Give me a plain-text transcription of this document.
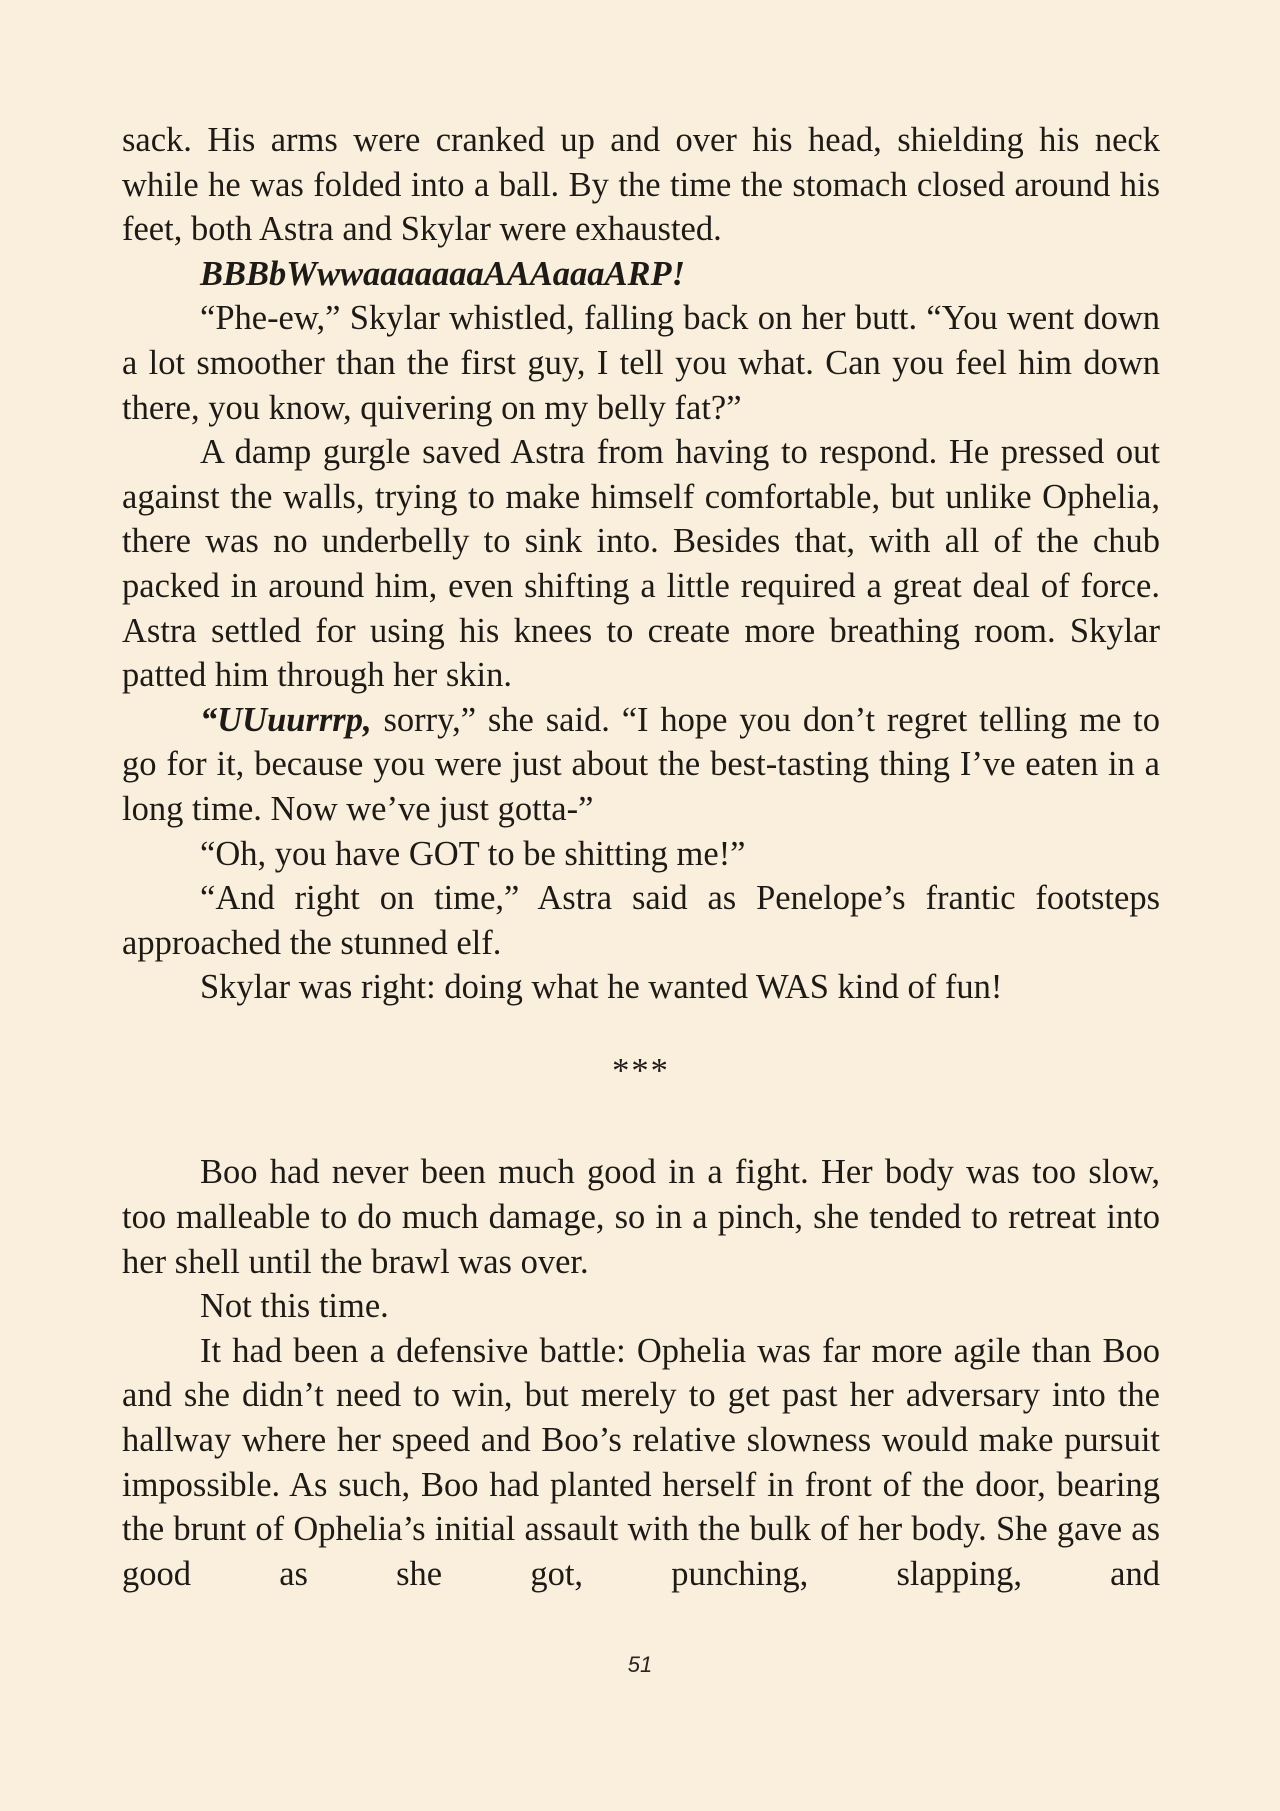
sack. His arms were cranked up and over his head, shielding his neck while he was folded into a ball. By the time the stomach closed around his feet, both Astra and Skylar were exhausted.

BBBbWwwaaaaaaaAAAaaaARP!

“Phe-ew,” Skylar whistled, falling back on her butt. “You went down a lot smoother than the first guy, I tell you what. Can you feel him down there, you know, quivering on my belly fat?”

A damp gurgle saved Astra from having to respond. He pressed out against the walls, trying to make himself comfortable, but unlike Ophelia, there was no underbelly to sink into. Besides that, with all of the chub packed in around him, even shifting a little required a great deal of force. Astra settled for using his knees to create more breathing room. Skylar patted him through her skin.

“UUuurrrp, sorry,” she said. “I hope you don’t regret telling me to go for it, because you were just about the best-tasting thing I’ve eaten in a long time. Now we’ve just gotta-”

“Oh, you have GOT to be shitting me!”

“And right on time,” Astra said as Penelope’s frantic footsteps approached the stunned elf.

Skylar was right: doing what he wanted WAS kind of fun!

***

Boo had never been much good in a fight. Her body was too slow, too malleable to do much damage, so in a pinch, she tended to retreat into her shell until the brawl was over.

Not this time.

It had been a defensive battle: Ophelia was far more agile than Boo and she didn’t need to win, but merely to get past her adversary into the hallway where her speed and Boo’s relative slowness would make pursuit impossible. As such, Boo had planted herself in front of the door, bearing the brunt of Ophelia’s initial assault with the bulk of her body. She gave as good as she got, punching, slapping, and

51
